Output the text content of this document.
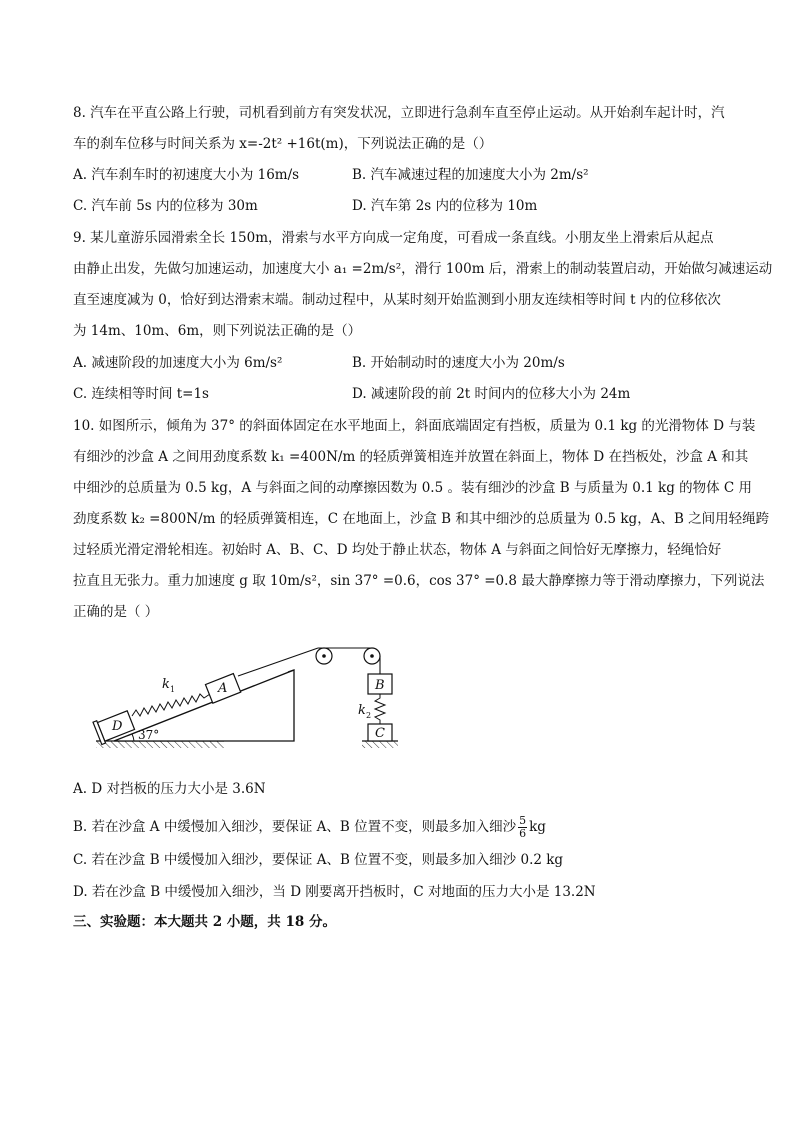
8. 汽车在平直公路上行驶，司机看到前方有突发状况，立即进行急刹车直至停止运动。从开始刹车起计时，汽
车的刹车位移与时间关系为 x=-2t² +16t(m)，下列说法正确的是（）
A. 汽车刹车时的初速度大小为 16m/s	B. 汽车减速过程的加速度大小为 2m/s²
C. 汽车前 5s 内的位移为 30m	D. 汽车第 2s 内的位移为 10m
9. 某儿童游乐园滑索全长 150m，滑索与水平方向成一定角度，可看成一条直线。小朋友坐上滑索后从起点
由静止出发，先做匀加速运动，加速度大小 a₁ =2m/s²，滑行 100m 后，滑索上的制动装置启动，开始做匀减速运动
直至速度减为 0，恰好到达滑索末端。制动过程中，从某时刻开始监测到小朋友连续相等时间 t 内的位移依次
为 14m、10m、6m，则下列说法正确的是（）
A. 减速阶段的加速度大小为 6m/s²	B. 开始制动时的速度大小为 20m/s
C. 连续相等时间 t=1s	D. 减速阶段的前 2t 时间内的位移大小为 24m
10. 如图所示，倾角为 37° 的斜面体固定在水平地面上，斜面底端固定有挡板，质量为 0.1 kg 的光滑物体 D 与装
有细沙的沙盒 A 之间用劲度系数 k₁ =400N/m 的轻质弹簧相连并放置在斜面上，物体 D 在挡板处，沙盒 A 和其
中细沙的总质量为 0.5 kg，A 与斜面之间的动摩擦因数为 0.5 。装有细沙的沙盒 B 与质量为 0.1 kg 的物体 C 用
劲度系数 k₂ =800N/m 的轻质弹簧相连，C 在地面上，沙盒 B 和其中细沙的总质量为 0.5 kg，A、B 之间用轻绳跨
过轻质光滑定滑轮相连。初始时 A、B、C、D 均处于静止状态，物体 A 与斜面之间恰好无摩擦力，轻绳恰好
拉直且无张力。重力加速度 g 取 10m/s²，sin 37° =0.6，cos 37° =0.8 最大静摩擦力等于滑动摩擦力，下列说法
正确的是（ ）
37°
D
k 1	A	B
k 2
C
A. D 对挡板的压力大小是 3.6N
B. 若在沙盒 A 中缓慢加入细沙，要保证 A、B 位置不变，则最多加入细沙 $\frac{5}{6}$ kg
C. 若在沙盒 B 中缓慢加入细沙，要保证 A、B 位置不变，则最多加入细沙 0.2 kg
D. 若在沙盒 B 中缓慢加入细沙，当 D 刚要离开挡板时，C 对地面的压力大小是 13.2N
三、实验题：本大题共 2 小题，共 18 分。
